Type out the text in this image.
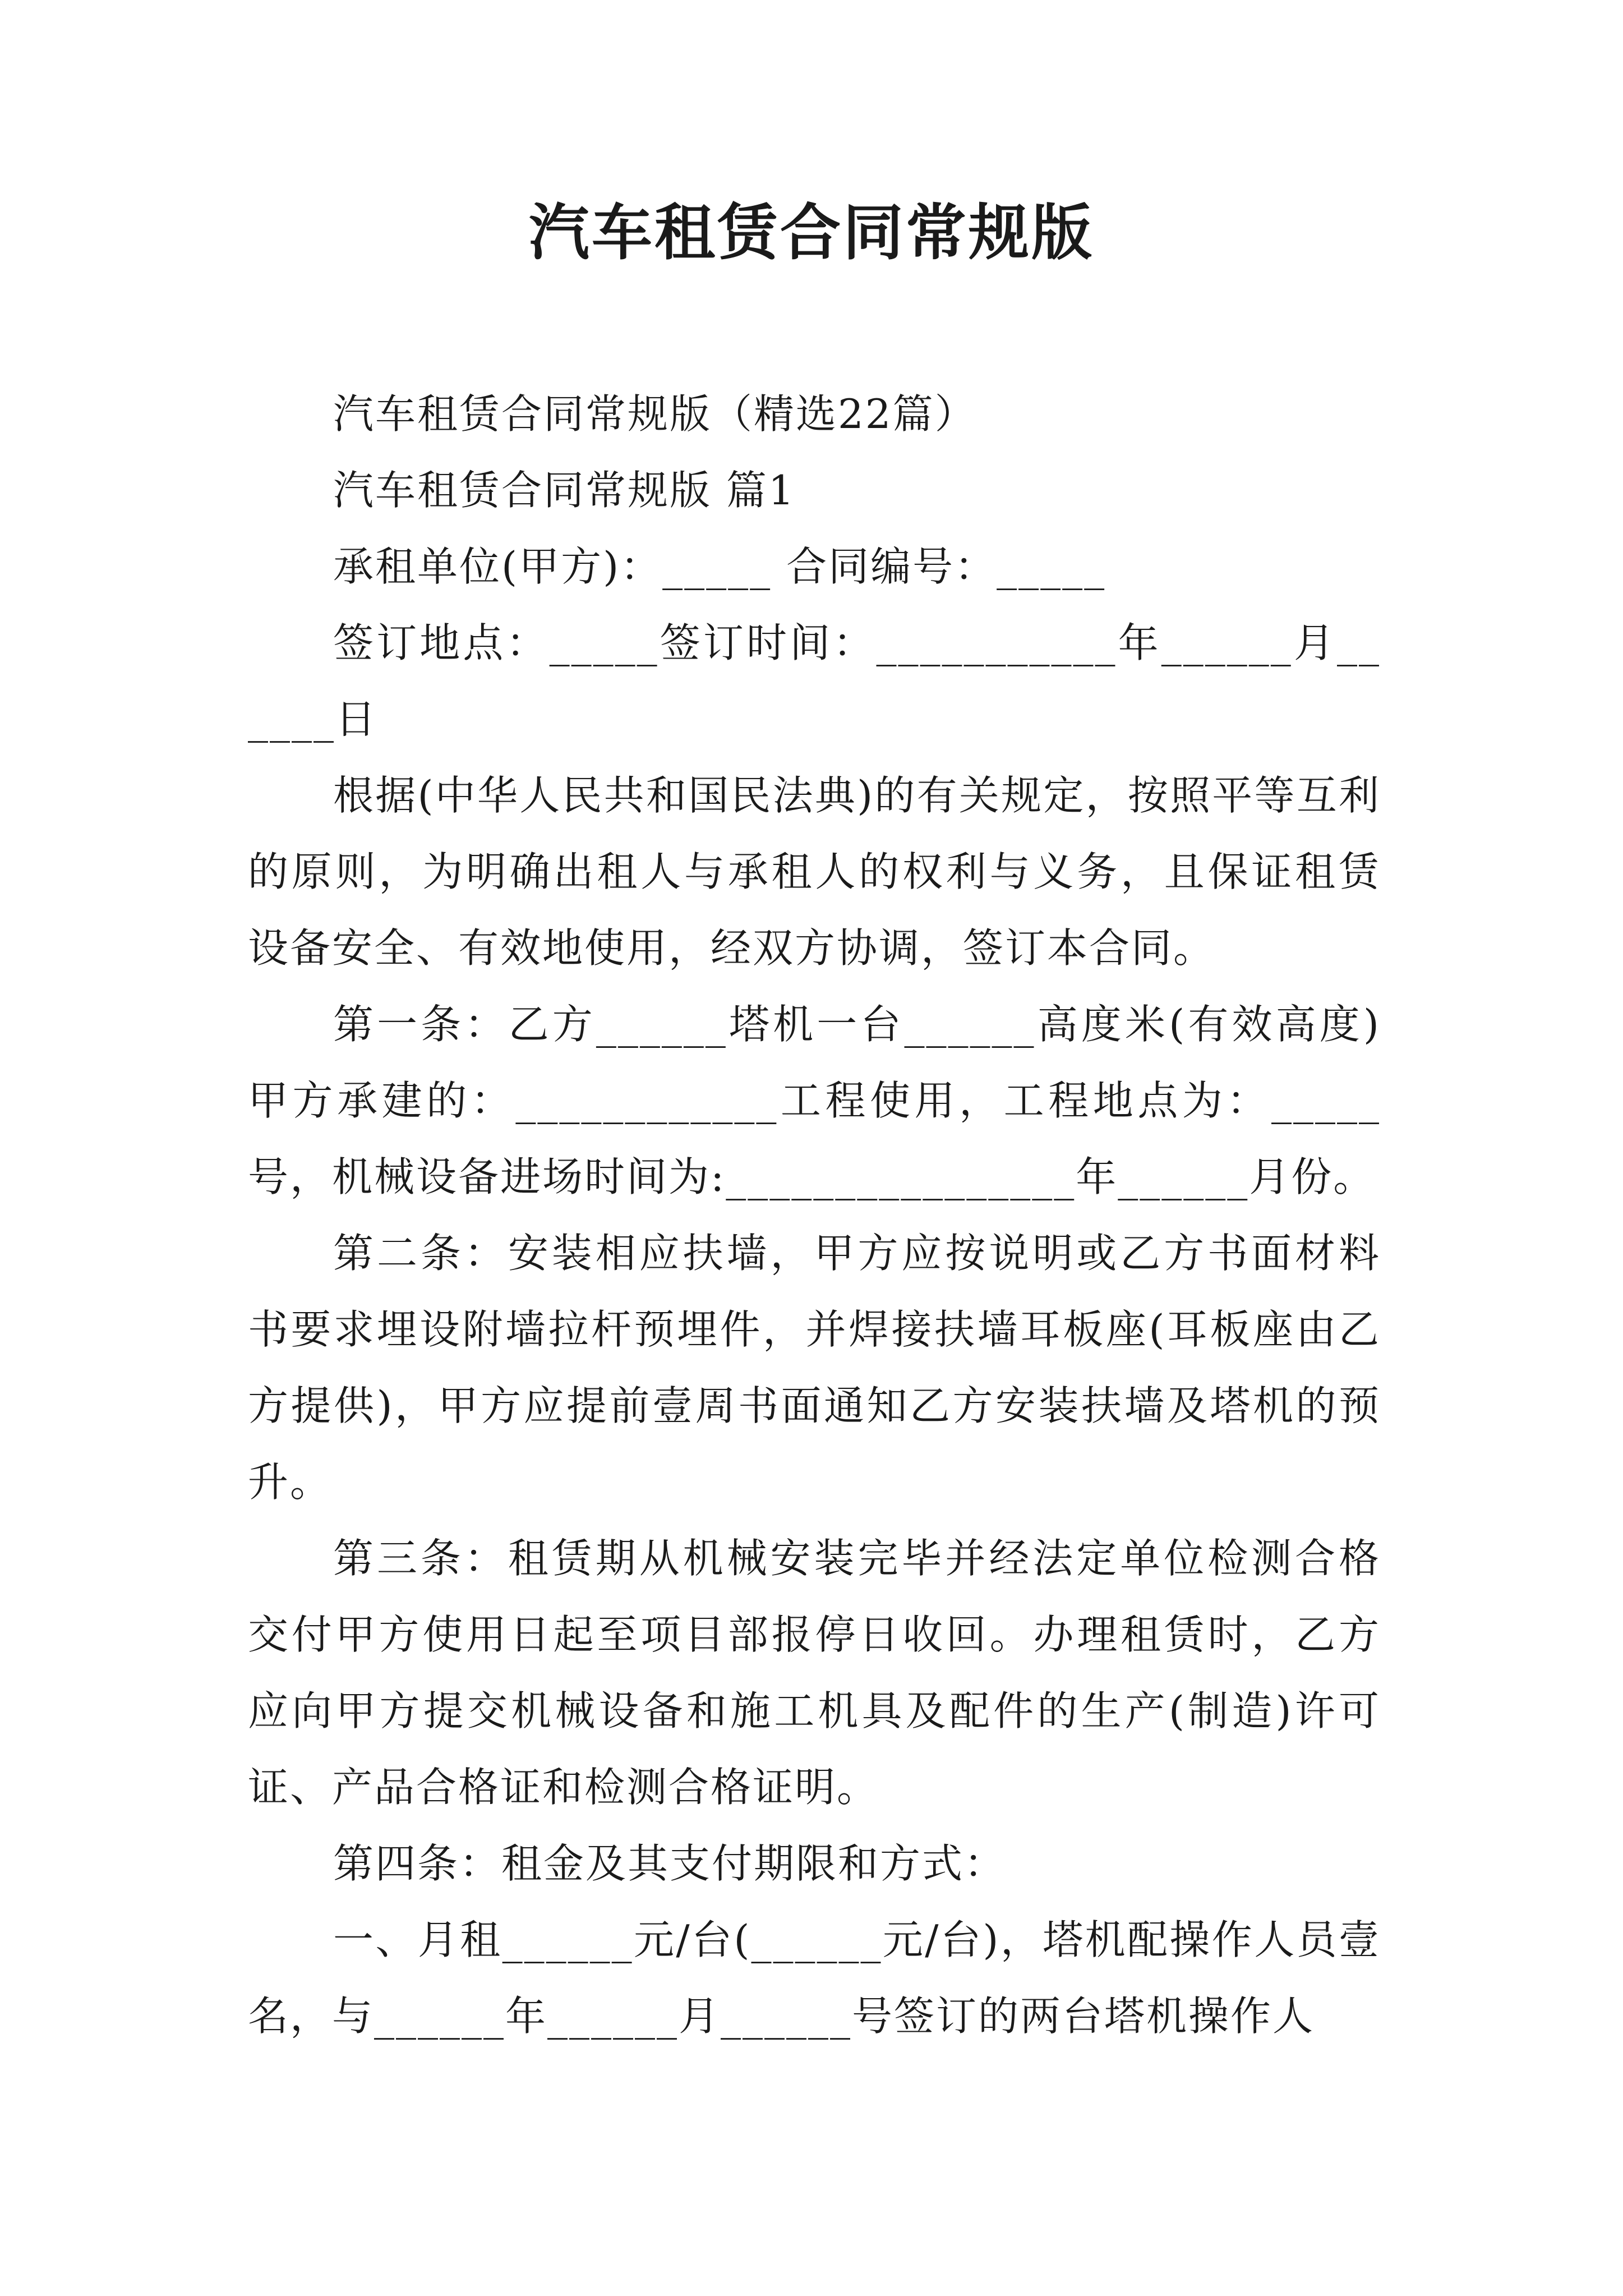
汽车租赁合同常规版

汽车租赁合同常规版（精选22篇）

汽车租赁合同常规版 篇1

承租单位(甲方)：_____ 合同编号：_____

签订地点：_____签订时间：___________年______月______日

根据(中华人民共和国民法典)的有关规定，按照平等互利的原则，为明确出租人与承租人的权利与义务，且保证租赁设备安全、有效地使用，经双方协调，签订本合同。

第一条：乙方______塔机一台______高度米(有效高度)甲方承建的：____________工程使用，工程地点为：_____号，机械设备进场时间为:________________年______月份。

第二条：安装相应扶墙，甲方应按说明或乙方书面材料书要求埋设附墙拉杆预埋件，并焊接扶墙耳板座(耳板座由乙方提供)，甲方应提前壹周书面通知乙方安装扶墙及塔机的预升。

第三条：租赁期从机械安装完毕并经法定单位检测合格交付甲方使用日起至项目部报停日收回。办理租赁时，乙方应向甲方提交机械设备和施工机具及配件的生产(制造)许可证、产品合格证和检测合格证明。

第四条：租金及其支付期限和方式：

一、月租______元/台(______元/台)，塔机配操作人员壹名，与______年______月______号签订的两台塔机操作人
